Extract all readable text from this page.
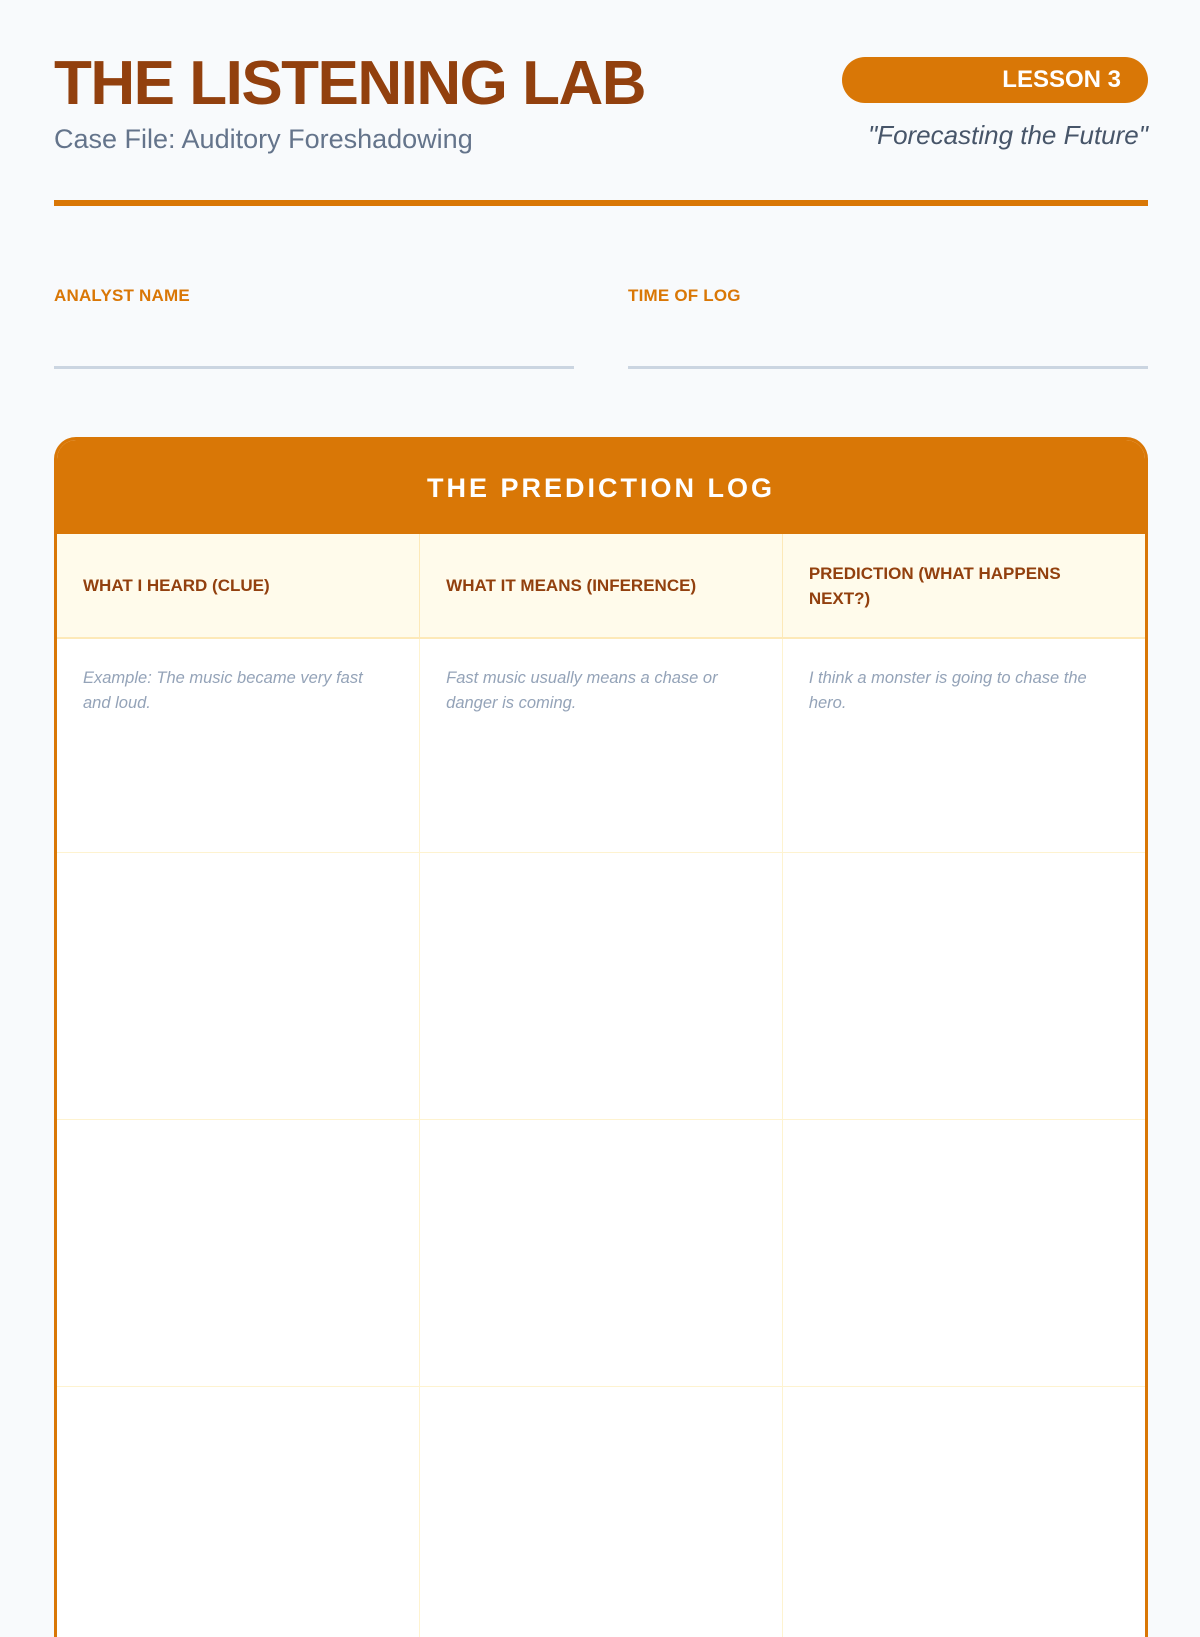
THE LISTENING LAB
Case File: Auditory Foreshadowing
LESSON 3
"Forecasting the Future"
ANALYST NAME	TIME OF LOG
THE PREDICTION LOG
WHAT I HEARD (CLUE)	WHAT IT MEANS (INFERENCE)	PREDICTION (WHAT HAPPENS NEXT?)
Example: The music became very fast and loud.	Fast music usually means a chase or danger is coming.	I think a monster is going to chase the hero.
